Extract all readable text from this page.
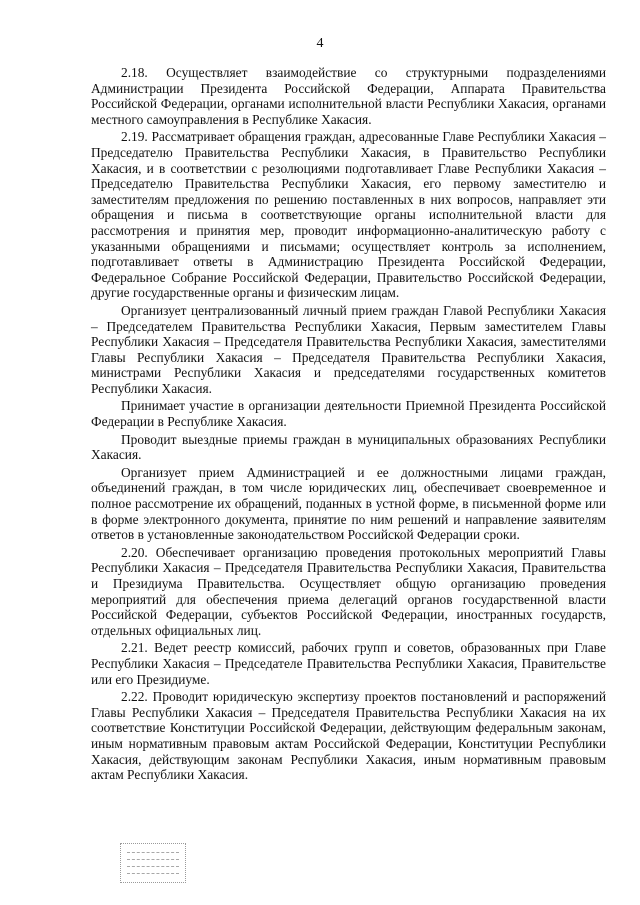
4

2.18. Осуществляет взаимодействие со структурными подразделениями Администрации Президента Российской Федерации, Аппарата Правительства Российской Федерации, органами исполнительной власти Республики Хакасия, органами местного самоуправления в Республике Хакасия.

2.19. Рассматривает обращения граждан, адресованные Главе Республики Хакасия – Председателю Правительства Республики Хакасия, в Правительство Республики Хакасия, и в соответствии с резолюциями подготавливает Главе Республики Хакасия – Председателю Правительства Республики Хакасия, его первому заместителю и заместителям предложения по решению поставленных в них вопросов, направляет эти обращения и письма в соответствующие органы исполнительной власти для рассмотрения и принятия мер, проводит информационно-аналитическую работу с указанными обращениями и письмами; осуществляет контроль за исполнением, подготавливает ответы в Администрацию Президента Российской Федерации, Федеральное Собрание Российской Федерации, Правительство Российской Федерации, другие государственные органы и физическим лицам.

Организует централизованный личный прием граждан Главой Республики Хакасия – Председателем Правительства Республики Хакасия, Первым заместителем Главы Республики Хакасия – Председателя Правительства Республики Хакасия, заместителями Главы Республики Хакасия – Председателя Правительства Республики Хакасия, министрами Республики Хакасия и председателями государственных комитетов Республики Хакасия.

Принимает участие в организации деятельности Приемной Президента Российской Федерации в Республике Хакасия.

Проводит выездные приемы граждан в муниципальных образованиях Республики Хакасия.

Организует прием Администрацией и ее должностными лицами граждан, объединений граждан, в том числе юридических лиц, обеспечивает своевременное и полное рассмотрение их обращений, поданных в устной форме, в письменной форме или в форме электронного документа, принятие по ним решений и направление заявителям ответов в установленные законодательством Российской Федерации сроки.

2.20. Обеспечивает организацию проведения протокольных мероприятий Главы Республики Хакасия – Председателя Правительства Республики Хакасия, Правительства и Президиума Правительства. Осуществляет общую организацию проведения мероприятий для обеспечения приема делегаций органов государственной власти Российской Федерации, субъектов Российской Федерации, иностранных государств, отдельных официальных лиц.

2.21. Ведет реестр комиссий, рабочих групп и советов, образованных при Главе Республики Хакасия – Председателе Правительства Республики Хакасия, Правительстве или его Президиуме.

2.22. Проводит юридическую экспертизу проектов постановлений и распоряжений Главы Республики Хакасия – Председателя Правительства Республики Хакасия на их соответствие Конституции Российской Федерации, действующим федеральным законам, иным нормативным правовым актам Российской Федерации, Конституции Республики Хакасия, действующим законам Республики Хакасия, иным нормативным правовым актам Республики Хакасия.
